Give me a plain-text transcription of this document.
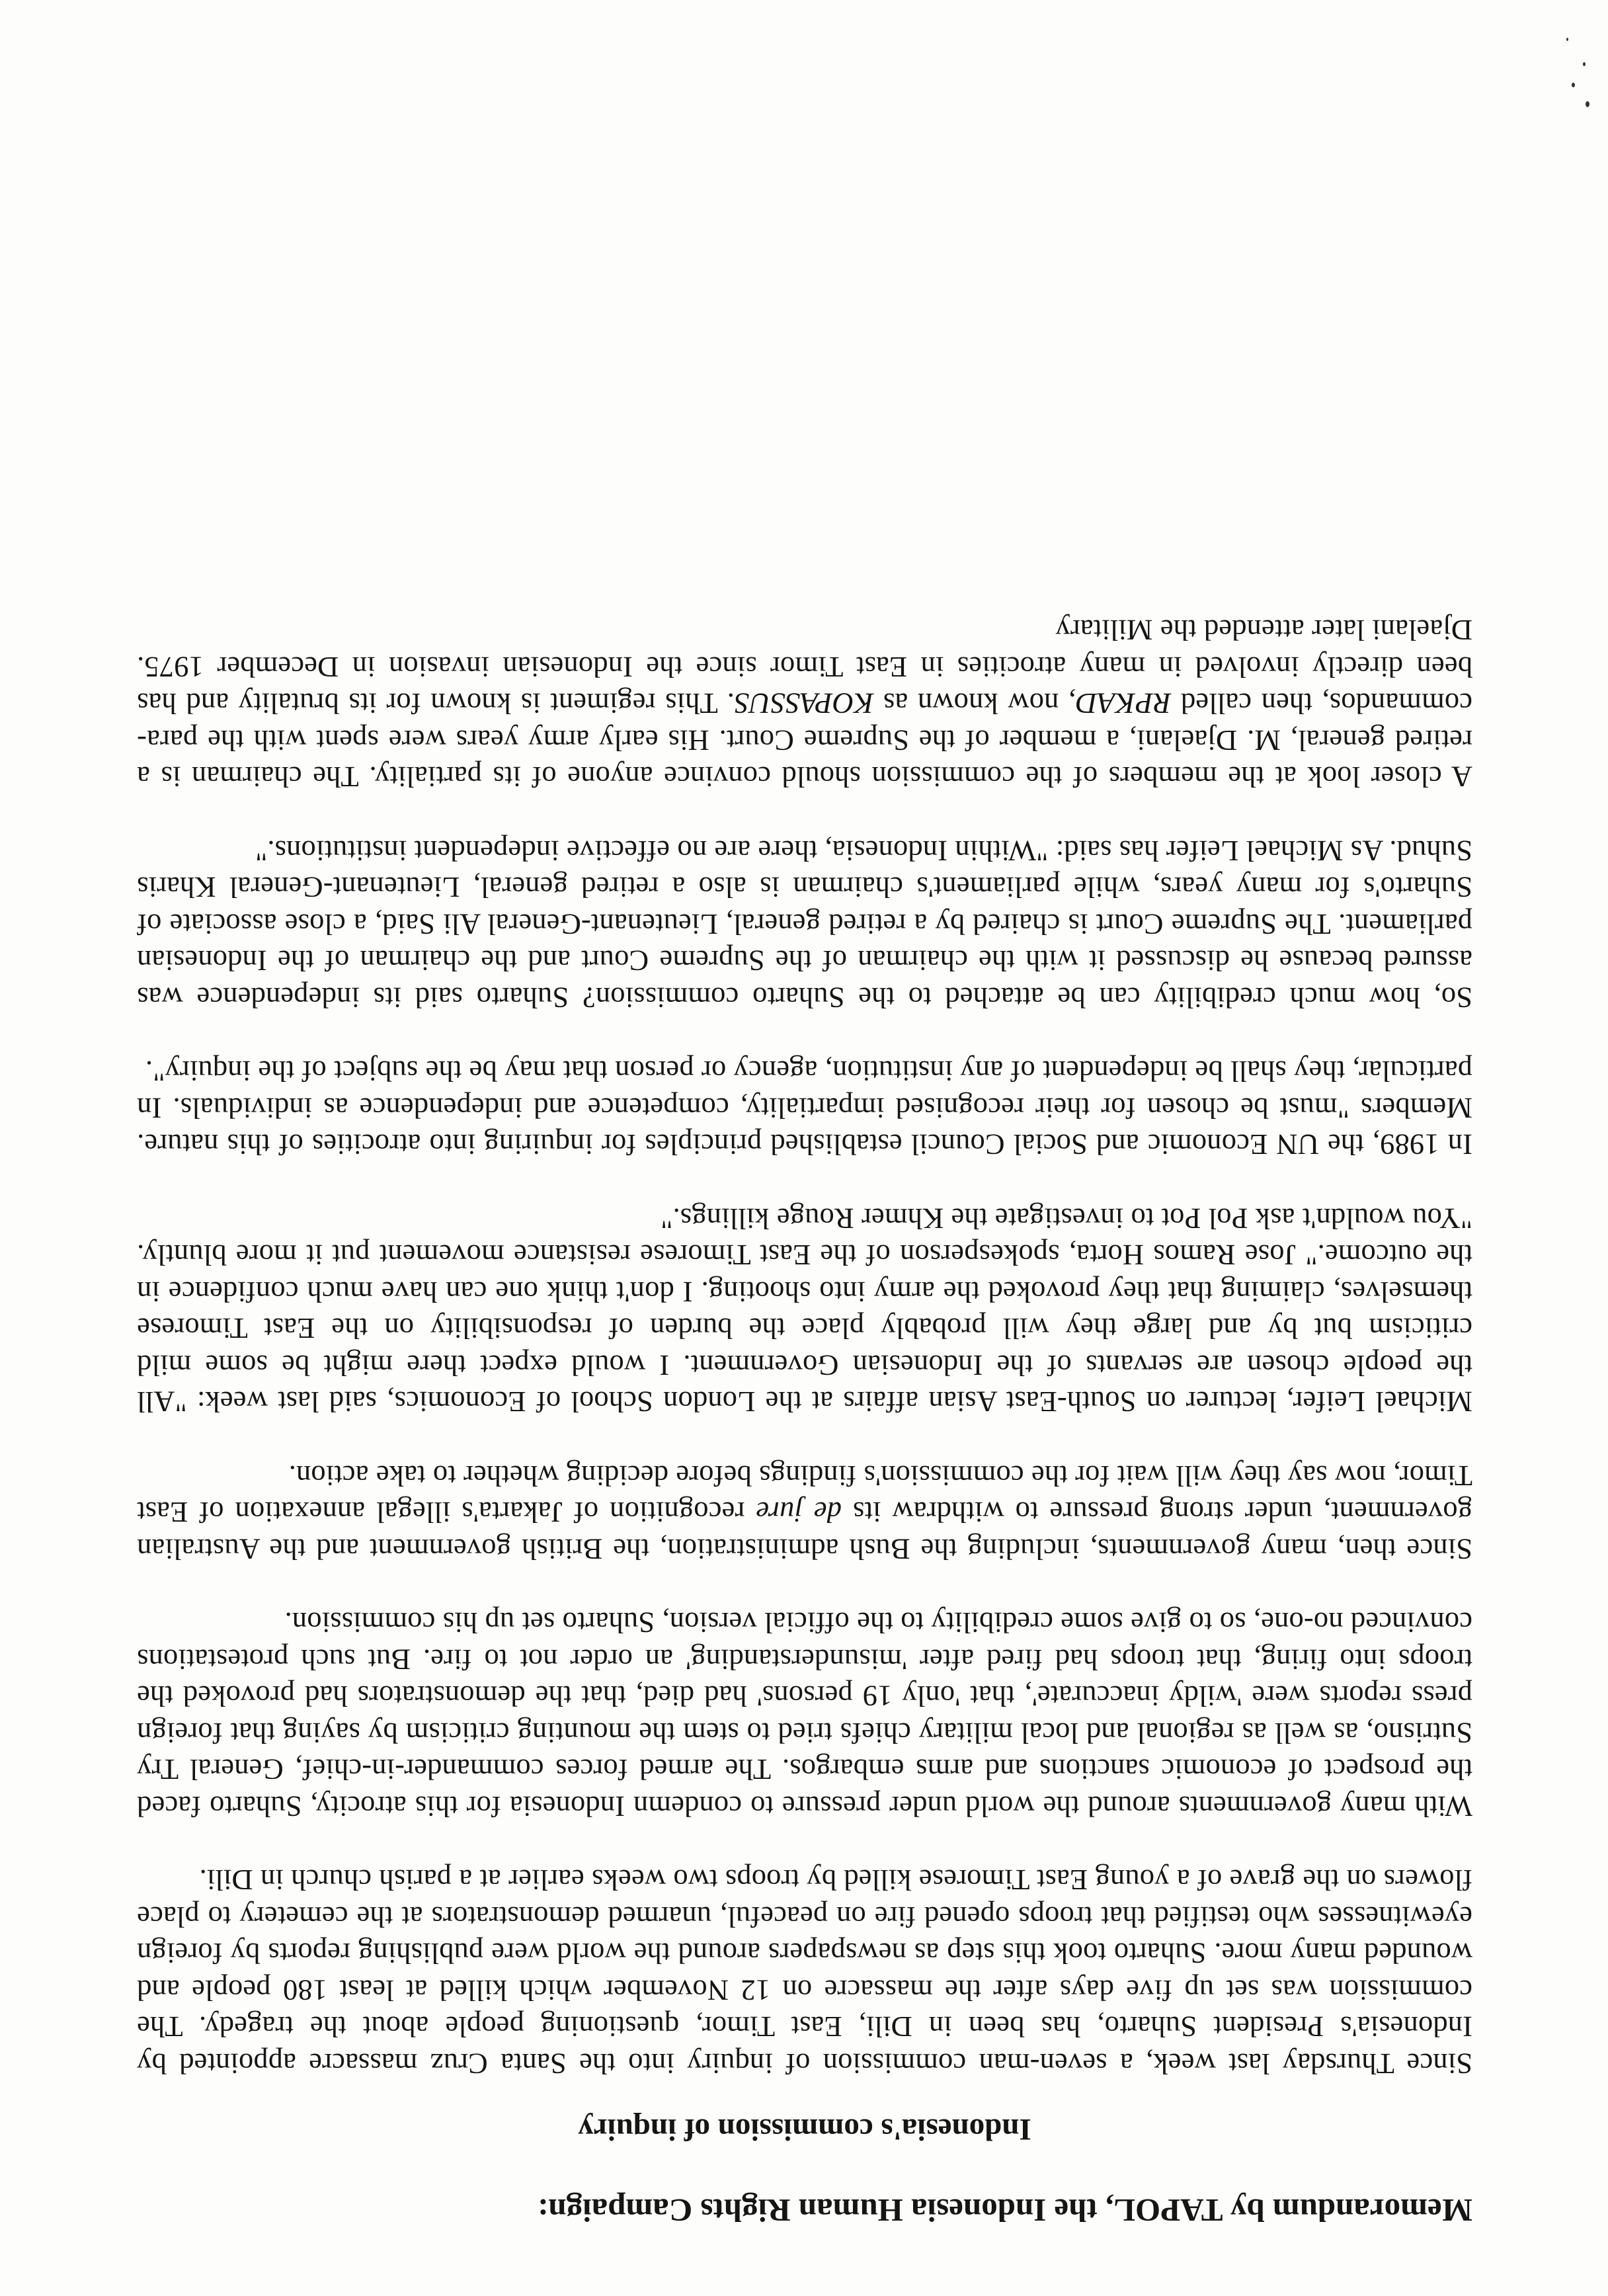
Memorandum by TAPOL, the Indonesia Human Rights Campaign:

Indonesia's commission of inquiry

Since Thursday last week, a seven-man commission of inquiry into the Santa Cruz massacre appointed by Indonesia's President Suharto, has been in Dili, East Timor, questioning people about the tragedy. The commission was set up five days after the massacre on 12 November which killed at least 180 people and wounded many more. Suharto took this step as newspapers around the world were publishing reports by foreign eyewitnesses who testified that troops opened fire on peaceful, unarmed demonstrators at the cemetery to place flowers on the grave of a young East Timorese killed by troops two weeks earlier at a parish church in Dili.

With many governments around the world under pressure to condemn Indonesia for this atrocity, Suharto faced the prospect of economic sanctions and arms embargos. The armed forces commander-in-chief, General Try Sutrisno, as well as regional and local military chiefs tried to stem the mounting criticism by saying that foreign press reports were 'wildy inaccurate', that 'only 19 persons' had died, that the demonstrators had provoked the troops into firing, that troops had fired after 'misunderstanding' an order not to fire. But such protestations convinced no-one, so to give some credibility to the official version, Suharto set up his commission.

Since then, many governments, including the Bush administration, the British government and the Australian government, under strong pressure to withdraw its de jure recognition of Jakarta's illegal annexation of East Timor, now say they will wait for the commission's findings before deciding whether to take action.

Michael Leifer, lecturer on South-East Asian affairs at the London School of Economics, said last week: "All the people chosen are servants of the Indonesian Government. I would expect there might be some mild criticism but by and large they will probably place the burden of responsibility on the East Timorese themselves, claiming that they provoked the army into shooting. I don't think one can have much confidence in the outcome." Jose Ramos Horta, spokesperson of the East Timorese resistance movement put it more bluntly. "You wouldn't ask Pol Pot to investigate the Khmer Rouge killings."

In 1989, the UN Economic and Social Council established principles for inquiring into atrocities of this nature. Members "must be chosen for their recognised impartiality, competence and independence as individuals. In particular, they shall be independent of any institution, agency or person that may be the subject of the inquiry".

So, how much credibility can be attached to the Suharto commission? Suharto said its independence was assured because he discussed it with the chairman of the Supreme Court and the chairman of the Indonesian parliament. The Supreme Court is chaired by a retired general, Lieutenant-General Ali Said, a close associate of Suharto's for many years, while parliament's chairman is also a retired general, Lieutenant-General Kharis Suhud. As Michael Leifer has said: "Within Indonesia, there are no effective independent institutions."

A closer look at the members of the commission should convince anyone of its partiality. The chairman is a retired general, M. Djaelani, a member of the Supreme Court. His early army years were spent with the para-commandos, then called RPKAD, now known as KOPASSUS. This regiment is known for its brutality and has been directly involved in many atrocities in East Timor since the Indonesian invasion in December 1975. Djaelani later attended the Military
